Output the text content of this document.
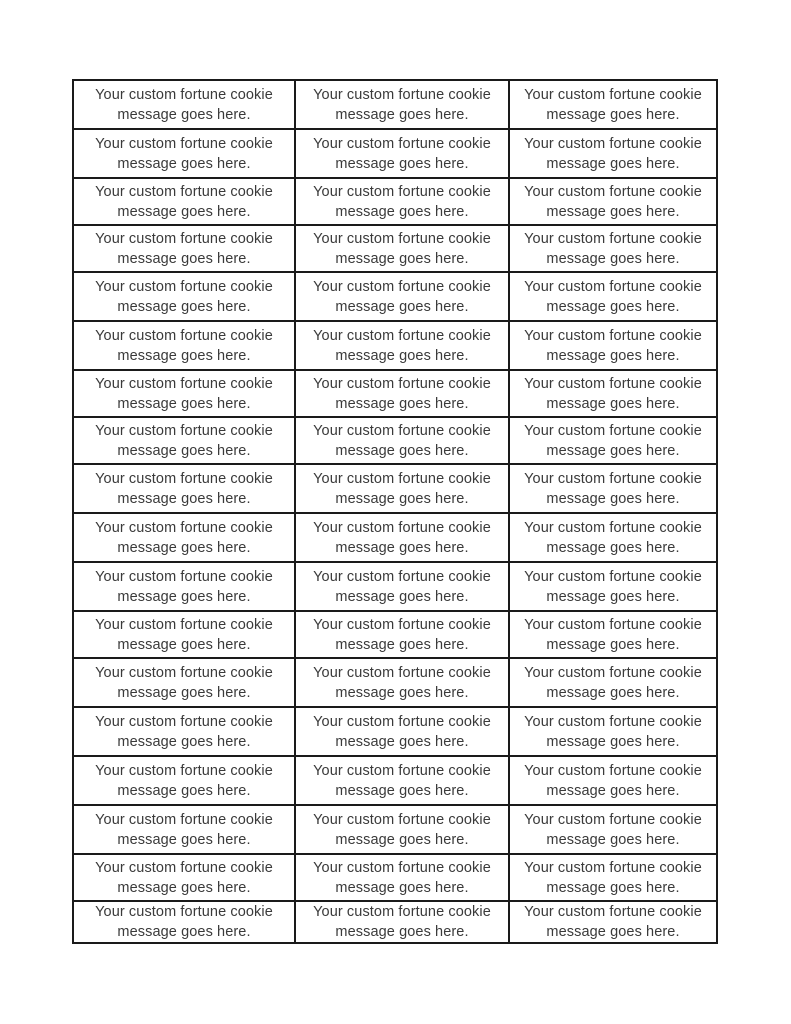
Your custom fortune cookie message goes here.
Your custom fortune cookie message goes here.
Your custom fortune cookie message goes here.
Your custom fortune cookie message goes here.
Your custom fortune cookie message goes here.
Your custom fortune cookie message goes here.
Your custom fortune cookie message goes here.
Your custom fortune cookie message goes here.
Your custom fortune cookie message goes here.
Your custom fortune cookie message goes here.
Your custom fortune cookie message goes here.
Your custom fortune cookie message goes here.
Your custom fortune cookie message goes here.
Your custom fortune cookie message goes here.
Your custom fortune cookie message goes here.
Your custom fortune cookie message goes here.
Your custom fortune cookie message goes here.
Your custom fortune cookie message goes here.
Your custom fortune cookie message goes here.
Your custom fortune cookie message goes here.
Your custom fortune cookie message goes here.
Your custom fortune cookie message goes here.
Your custom fortune cookie message goes here.
Your custom fortune cookie message goes here.
Your custom fortune cookie message goes here.
Your custom fortune cookie message goes here.
Your custom fortune cookie message goes here.
Your custom fortune cookie message goes here.
Your custom fortune cookie message goes here.
Your custom fortune cookie message goes here.
Your custom fortune cookie message goes here.
Your custom fortune cookie message goes here.
Your custom fortune cookie message goes here.
Your custom fortune cookie message goes here.
Your custom fortune cookie message goes here.
Your custom fortune cookie message goes here.
Your custom fortune cookie message goes here.
Your custom fortune cookie message goes here.
Your custom fortune cookie message goes here.
Your custom fortune cookie message goes here.
Your custom fortune cookie message goes here.
Your custom fortune cookie message goes here.
Your custom fortune cookie message goes here.
Your custom fortune cookie message goes here.
Your custom fortune cookie message goes here.
Your custom fortune cookie message goes here.
Your custom fortune cookie message goes here.
Your custom fortune cookie message goes here.
Your custom fortune cookie message goes here.
Your custom fortune cookie message goes here.
Your custom fortune cookie message goes here.
Your custom fortune cookie message goes here.
Your custom fortune cookie message goes here.
Your custom fortune cookie message goes here.
